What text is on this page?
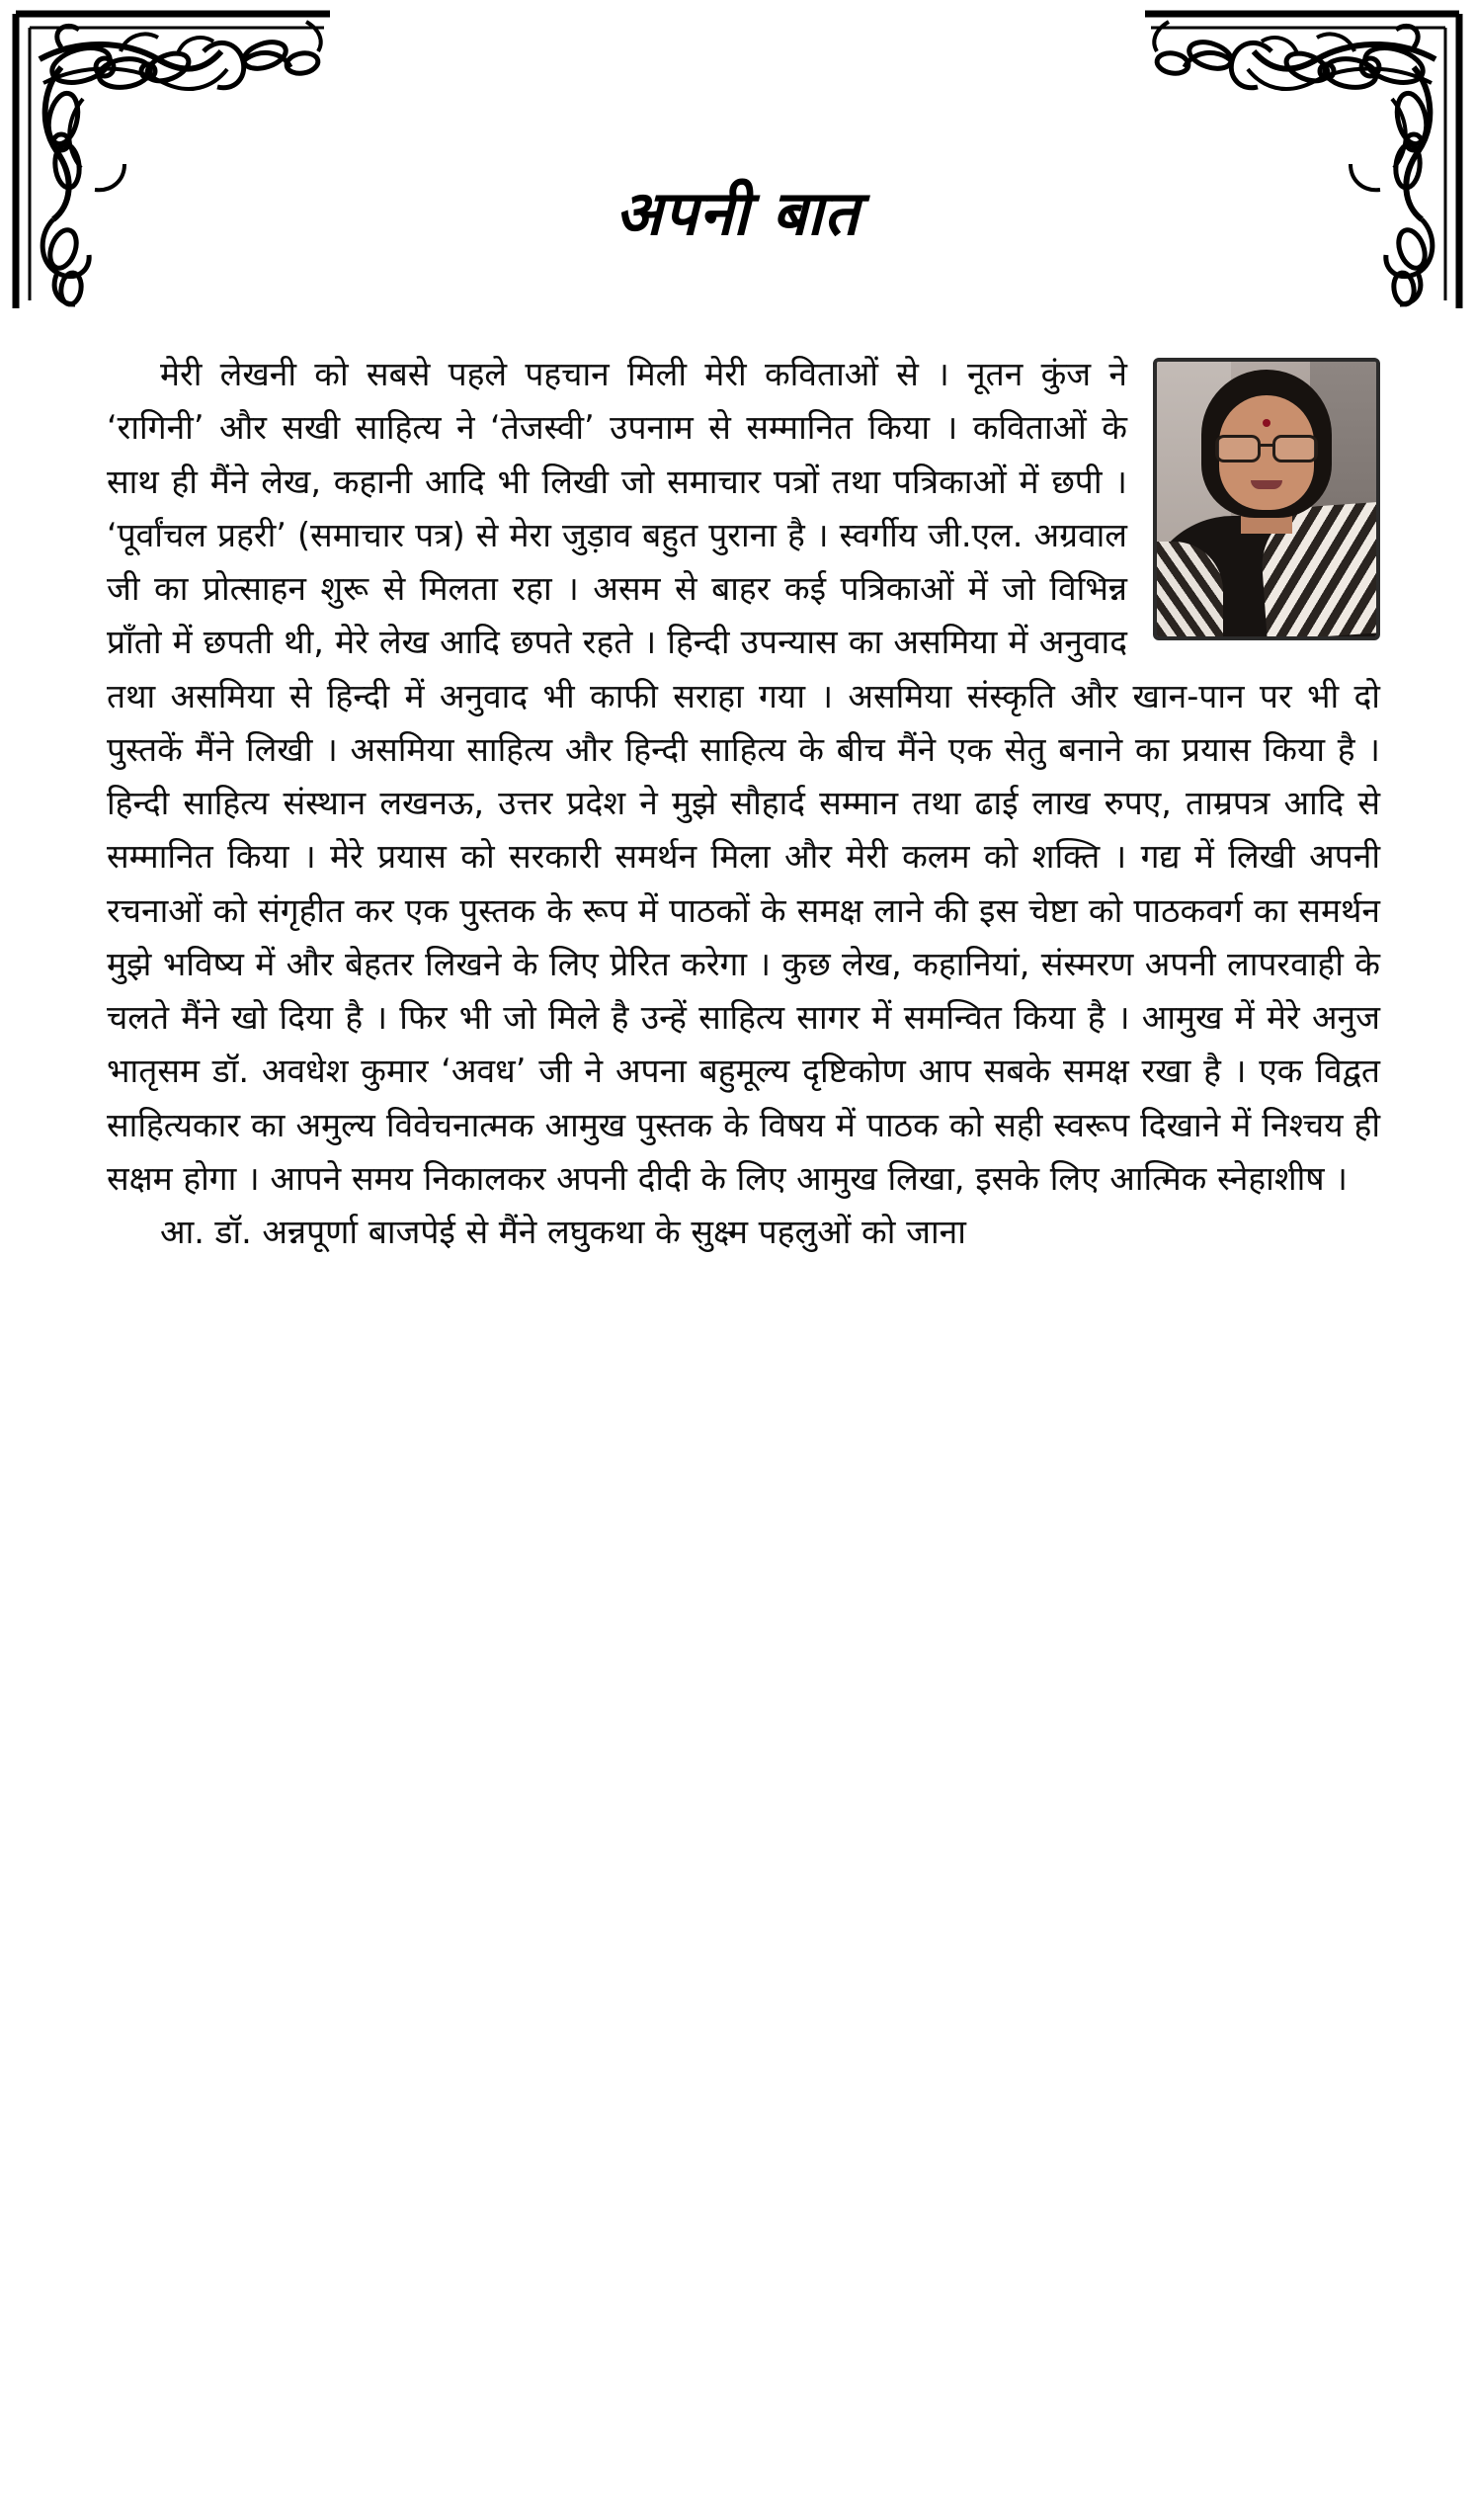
अपनी बात

मेरी लेखनी को सबसे पहले पहचान मिली मेरी कविताओं से । नूतन कुंज ने ‘रागिनी’ और सखी साहित्य ने ‘तेजस्वी’ उपनाम से सम्मानित किया । कविताओं के साथ ही मैंने लेख, कहानी आदि भी लिखी जो समाचार पत्रों तथा पत्रिकाओं में छपी । ‘पूर्वांचल प्रहरी’ (समाचार पत्र) से मेरा जुड़ाव बहुत पुराना है । स्वर्गीय जी.एल. अग्रवाल जी का प्रोत्साहन शुरू से मिलता रहा । असम से बाहर कई पत्रिकाओं में जो विभिन्न प्राँतो में छपती थी, मेरे लेख आदि छपते रहते । हिन्दी उपन्यास का असमिया में अनुवाद तथा असमिया से हिन्दी में अनुवाद भी काफी सराहा गया । असमिया संस्कृति और खान-पान पर भी दो पुस्तकें मैंने लिखी । असमिया साहित्य और हिन्दी साहित्य के बीच मैंने एक सेतु बनाने का प्रयास किया है । हिन्दी साहित्य संस्थान लखनऊ, उत्तर प्रदेश ने मुझे सौहार्द सम्मान तथा ढाई लाख रुपए, ताम्रपत्र आदि से सम्मानित किया । मेरे प्रयास को सरकारी समर्थन मिला और मेरी कलम को शक्ति । गद्य में लिखी अपनी रचनाओं को संगृहीत कर एक पुस्तक के रूप में पाठकों के समक्ष लाने की इस चेष्टा को पाठकवर्ग का समर्थन मुझे भविष्य में और बेहतर लिखने के लिए प्रेरित करेगा । कुछ लेख, कहानियां, संस्मरण अपनी लापरवाही के चलते मैंने खो दिया है । फिर भी जो मिले है उन्हें साहित्य सागर में समन्वित किया है । आमुख में मेरे अनुज भातृसम डॉ. अवधेश कुमार ‘अवध’ जी ने अपना बहुमूल्य दृष्टिकोण आप सबके समक्ष रखा है । एक विद्वत साहित्यकार का अमुल्य विवेचनात्मक आमुख पुस्तक के विषय में पाठक को सही स्वरूप दिखाने में निश्चय ही सक्षम होगा । आपने समय निकालकर अपनी दीदी के लिए आमुख लिखा, इसके लिए आत्मिक स्नेहाशीष ।

आ. डॉ. अन्नपूर्णा बाजपेई से मैंने लघुकथा के सुक्ष्म पहलुओं को जाना
